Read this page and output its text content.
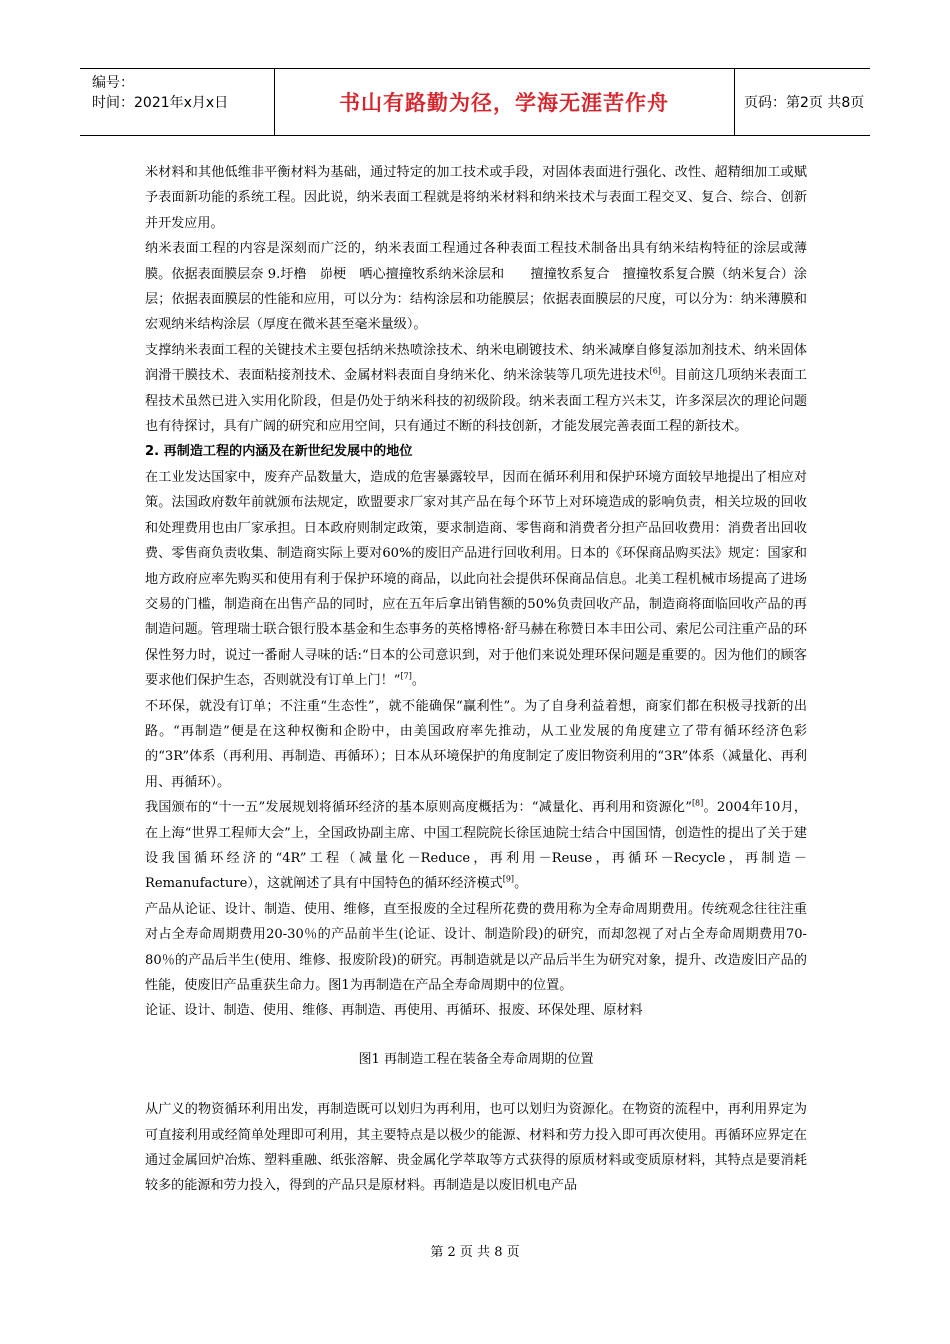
编号：
时间：2021年x月x日	书山有路勤为径，学海无涯苦作舟	页码：第2页 共8页

米材料和其他低维非平衡材料为基础，通过特定的加工技术或手段，对固体表面进行强化、改性、超精细加工或赋予表面新功能的系统工程。因此说，纳米表面工程就是将纳米材料和纳米技术与表面工程交叉、复合、综合、创新并开发应用。

纳米表面工程的内容是深刻而广泛的，纳米表面工程通过各种表面工程技术制备出具有纳米结构特征的涂层或薄膜。依据表面膜层奈 9.圩橹　峁梗　哂心擅撞牧系纳米涂层和　　擅撞牧系复合　擅撞牧系复合膜（纳米复合）涂层；依据表面膜层的性能和应用，可以分为：结构涂层和功能膜层；依据表面膜层的尺度，可以分为：纳米薄膜和宏观纳米结构涂层（厚度在微米甚至毫米量级）。

支撑纳米表面工程的关键技术主要包括纳米热喷涂技术、纳米电刷镀技术、纳米减摩自修复添加剂技术、纳米固体润滑干膜技术、表面粘接剂技术、金属材料表面自身纳米化、纳米涂装等几项先进技术[6]。目前这几项纳米表面工程技术虽然已进入实用化阶段，但是仍处于纳米科技的初级阶段。纳米表面工程方兴未艾，许多深层次的理论问题也有待探讨，具有广阔的研究和应用空间，只有通过不断的科技创新，才能发展完善表面工程的新技术。

2. 再制造工程的内涵及在新世纪发展中的地位

在工业发达国家中，废弃产品数量大，造成的危害暴露较早，因而在循环利用和保护环境方面较早地提出了相应对策。法国政府数年前就颁布法规定，欧盟要求厂家对其产品在每个环节上对环境造成的影响负责，相关垃圾的回收和处理费用也由厂家承担。日本政府则制定政策，要求制造商、零售商和消费者分担产品回收费用：消费者出回收费、零售商负责收集、制造商实际上要对60%的废旧产品进行回收利用。日本的《环保商品购买法》规定：国家和地方政府应率先购买和使用有利于保护环境的商品，以此向社会提供环保商品信息。北美工程机械市场提高了进场交易的门槛，制造商在出售产品的同时，应在五年后拿出销售额的50%负责回收产品，制造商将面临回收产品的再制造问题。管理瑞士联合银行股本基金和生态事务的英格博格·舒马赫在称赞日本丰田公司、索尼公司注重产品的环保性努力时，说过一番耐人寻味的话:“日本的公司意识到，对于他们来说处理环保问题是重要的。因为他们的顾客要求他们保护生态，否则就没有订单上门！”[7]。

不环保，就没有订单；不注重“生态性”，就不能确保“赢利性”。为了自身利益着想，商家们都在积极寻找新的出路。“再制造”便是在这种权衡和企盼中，由美国政府率先推动，从工业发展的角度建立了带有循环经济色彩的“3R”体系（再利用、再制造、再循环）；日本从环境保护的角度制定了废旧物资利用的“3R”体系（减量化、再利用、再循环）。

我国颁布的“十一五”发展规划将循环经济的基本原则高度概括为：“减量化、再利用和资源化”[8]。2004年10月，在上海“世界工程师大会”上，全国政协副主席、中国工程院院长徐匡迪院士结合中国国情，创造性的提出了关于建设我国循环经济的“4R”工程（减量化－Reduce，再利用－Reuse，再循环－Recycle，再制造－Remanufacture），这就阐述了具有中国特色的循环经济模式[9]。

产品从论证、设计、制造、使用、维修，直至报废的全过程所花费的费用称为全寿命周期费用。传统观念往往注重对占全寿命周期费用20-30％的产品前半生(论证、设计、制造阶段)的研究，而却忽视了对占全寿命周期费用70-80％的产品后半生(使用、维修、报废阶段)的研究。再制造就是以产品后半生为研究对象，提升、改造废旧产品的性能，使废旧产品重获生命力。图1为再制造在产品全寿命周期中的位置。

论证、设计、制造、使用、维修、再制造、再使用、再循环、报废、环保处理、原材料

图1 再制造工程在装备全寿命周期的位置

从广义的物资循环利用出发，再制造既可以划归为再利用，也可以划归为资源化。在物资的流程中，再利用界定为可直接利用或经简单处理即可利用，其主要特点是以极少的能源、材料和劳力投入即可再次使用。再循环应界定在通过金属回炉冶炼、塑料重融、纸张溶解、贵金属化学萃取等方式获得的原质材料或变质原材料，其特点是要消耗较多的能源和劳力投入，得到的产品只是原材料。再制造是以废旧机电产品

第 2 页 共 8 页
